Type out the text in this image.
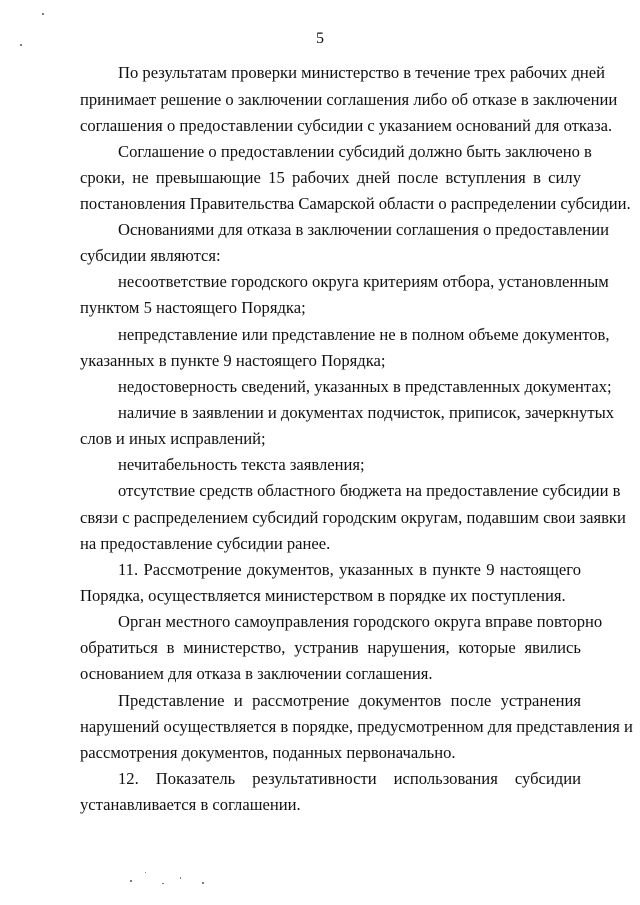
5
По результатам проверки министерство в течение трех рабочих дней
принимает решение о заключении соглашения либо об отказе в заключении
соглашения о предоставлении субсидии с указанием оснований для отказа.
Соглашение о предоставлении субсидий должно быть заключено в
сроки, не превышающие 15 рабочих дней после вступления в силу
постановления Правительства Самарской области о распределении субсидии.
Основаниями для отказа в заключении соглашения о предоставлении
субсидии являются:
несоответствие городского округа критериям отбора, установленным
пунктом 5 настоящего Порядка;
непредставление или представление не в полном объеме документов,
указанных в пункте 9 настоящего Порядка;
недостоверность сведений, указанных в представленных документах;
наличие в заявлении и документах подчисток, приписок, зачеркнутых
слов и иных исправлений;
нечитабельность текста заявления;
отсутствие средств областного бюджета на предоставление субсидии в
связи с распределением субсидий городским округам, подавшим свои заявки
на предоставление субсидии ранее.
11. Рассмотрение документов, указанных в пункте 9 настоящего
Порядка, осуществляется министерством в порядке их поступления.
Орган местного самоуправления городского округа вправе повторно
обратиться в министерство, устранив нарушения, которые явились
основанием для отказа в заключении соглашения.
Представление и рассмотрение документов после устранения
нарушений осуществляется в порядке, предусмотренном для представления и
рассмотрения документов, поданных первоначально.
12. Показатель результативности использования субсидии
устанавливается в соглашении.
